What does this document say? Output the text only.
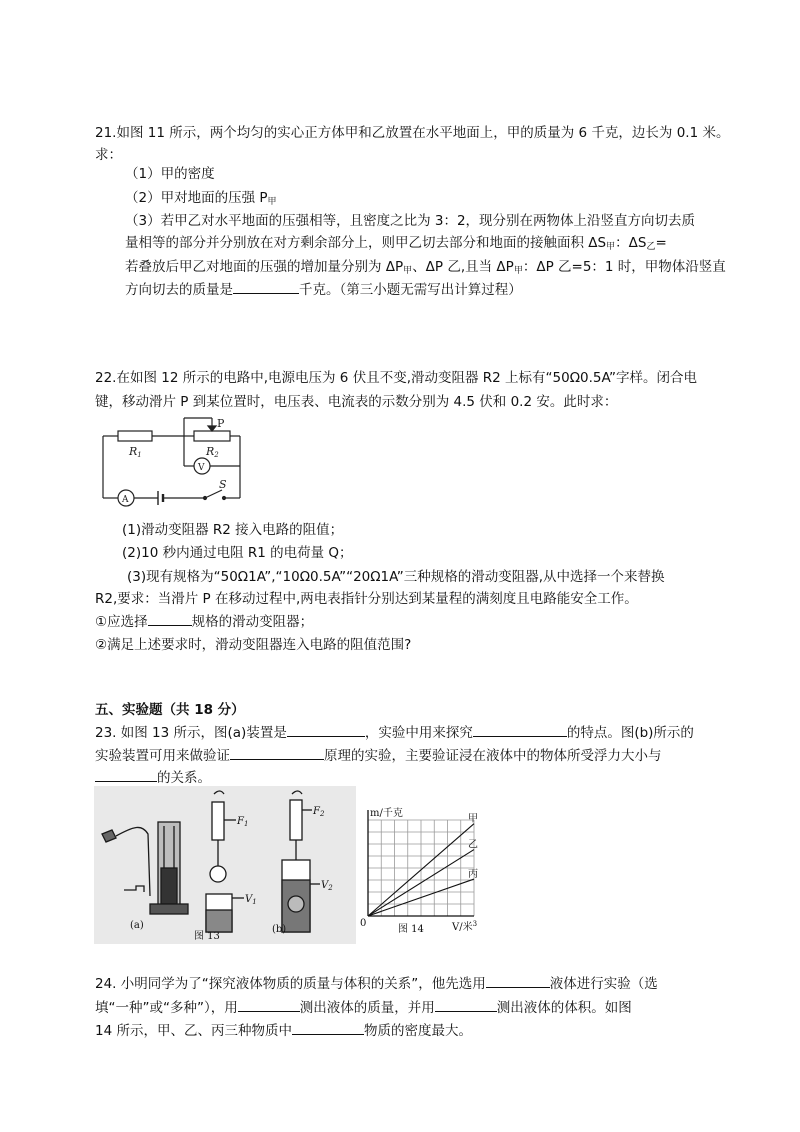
21.如图 11 所示，两个均匀的实心正方体甲和乙放置在水平地面上，甲的质量为 6 千克，边长为 0.1 米。
求：
（1）甲的密度
（2）甲对地面的压强 $P_甲$
（3）若甲乙对水平地面的压强相等，且密度之比为 3：2，现分别在两物体上沿竖直方向切去质
量相等的部分并分别放在对方剩余部分上，则甲乙切去部分和地面的接触面积 $\Delta S_甲$：$\Delta S_乙=$
若叠放后甲乙对地面的压强的增加量分别为 $\Delta P_甲$、ΔP 乙,且当 $\Delta P_甲$：ΔP 乙=5：1 时，甲物体沿竖直
方向切去的质量是	千克。（第三小题无需写出计算过程）
22.在如图 12 所示的电路中,电源电压为 6 伏且不变,滑动变阻器 R2 上标有“50Ω0.5A”字样。闭合电
键，移动滑片 P 到某位置时，电压表、电流表的示数分别为 4.5 伏和 0.2 安。此时求：
P
R1	R2
V
A
S
(1)滑动变阻器 R2 接入电路的阻值；
(2)10 秒内通过电阻 R1 的电荷量 Q；
(3)现有规格为“50Ω1A”,“10Ω0.5A”“20Ω1A”三种规格的滑动变阻器,从中选择一个来替换
R2,要求：当滑片 P 在移动过程中,两电表指针分别达到某量程的满刻度且电路能安全工作。
①应选择	规格的滑动变阻器；
②满足上述要求时，滑动变阻器连入电路的阻值范围?
五、实验题（共 18 分）
23. 如图 13 所示，图(a)装置是	，实验中用来探究	的特点。图(b)所示的
实验装置可用来做验证	原理的实验，主要验证浸在液体中的物体所受浮力大小与
的关系。
(a)	(b)
图 13
$F_1$
$F_2$
$V_1$
$V_2$
m/千克
0	V/米$^3$
图 14
甲
乙
丙
24. 小明同学为了“探究液体物质的质量与体积的关系”，他先选用	液体进行实验（选
填“一种”或“多种”），用	测出液体的质量，并用	测出液体的体积。如图
14 所示，甲、乙、丙三种物质中	物质的密度最大。
